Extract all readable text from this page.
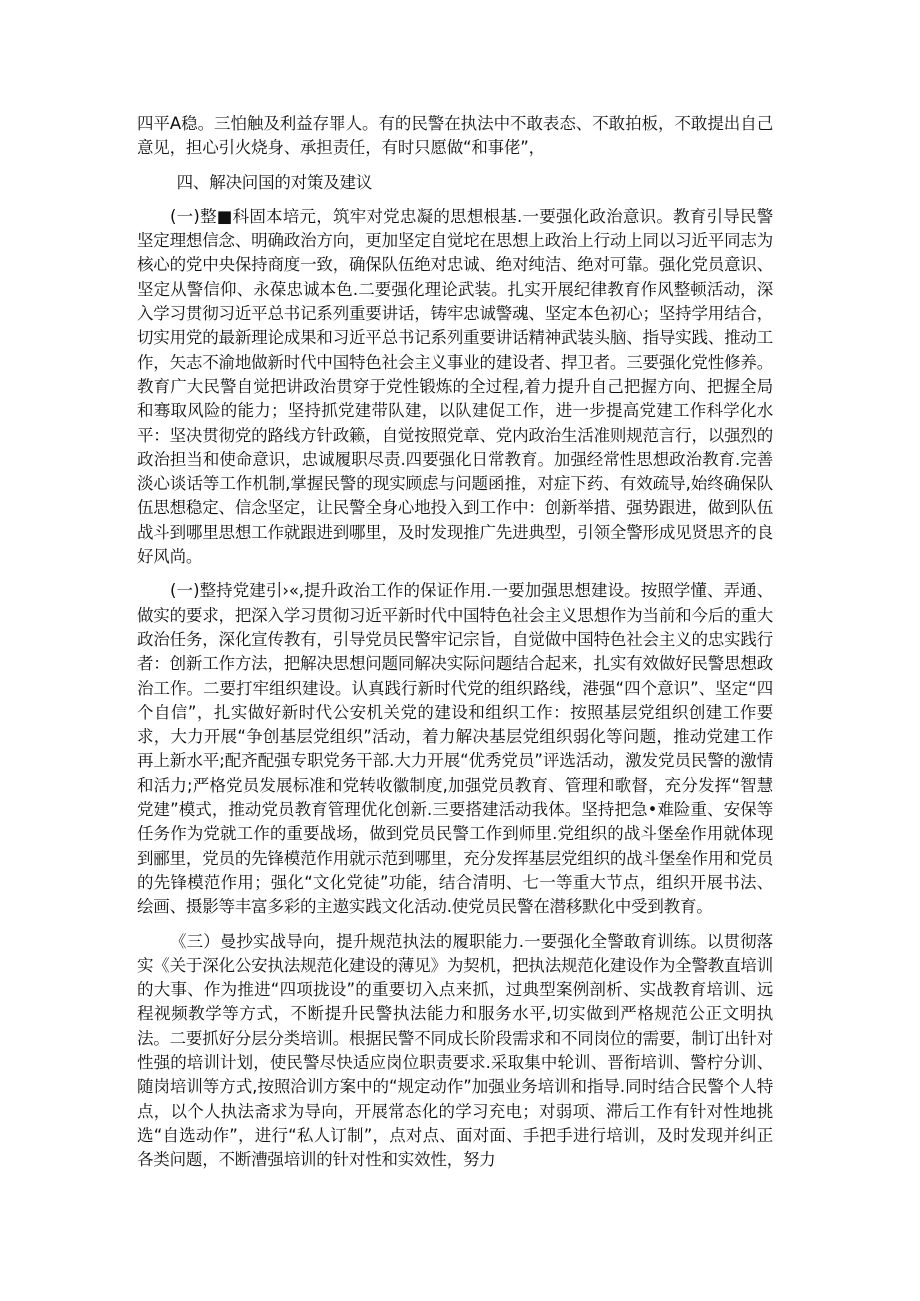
四平A稳。三怕触及利益存罪人。有的民警在执法中不敢表态、不敢拍板，不敢提出自己意见，担心引火烧身、承担责任，有时只愿做“和事佬”，

四、解决问国的对策及建议

(一)整■科固本培元，筑牢对党忠凝的思想根基.一要强化政治意识。教育引导民警坚定理想信念、明确政治方向，更加坚定自觉坨在思想上政治上行动上同以习近平同志为核心的党中央保持商度一致，确保队伍绝对忠诚、绝对纯洁、绝对可靠。强化党员意识、坚定从警信仰、永葆忠诚本色.二要强化理论武装。扎实开展纪律教育作风整顿活动，深入学习贯彻习近平总书记系列重要讲话，铸牢忠诚警魂、坚定本色初心；坚持学用结合，切实用党的最新理论成果和习近平总书记系列重要讲话精神武装头脑、指导实践、推动工作，矢志不渝地做新时代中国特色社会主义事业的建设者、捍卫者。三要强化党性修养。教育广大民警自觉把讲政治贯穿于党性锻炼的全过程,着力提升自己把握方向、把握全局和骞取风险的能力；坚持抓党建带队建，以队建促工作，进一步提高党建工作科学化水平：坚决贯彻党的路线方针政籁，自觉按照党章、党内政治生活准则规范言行，以强烈的政治担当和使命意识，忠诚履职尽责.四要强化日常教育。加强经常性思想政治教育.完善淡心谈话等工作机制,掌握民警的现实顾虑与问题函推，对症下药、有效疏导,始终确保队伍思想稳定、信念坚定，让民警全身心地投入到工作中：创新举措、强势跟进，做到队伍战斗到哪里思想工作就跟进到哪里，及时发现推广先进典型，引领全警形成见贤思齐的良好风尚。

(一)整持党建引›«,提升政治工作的保证作用.一要加强思想建设。按照学懂、弄通、做实的要求，把深入学习贯彻习近平新时代中国特色社会主义思想作为当前和今后的重大政治任务，深化宣传教有，引导党员民警牢记宗旨，自觉做中国特色社会主义的忠实践行者：创新工作方法，把解决思想问题同解决实际问题结合起来，扎实有效做好民警思想政治工作。二要打牢组织建设。认真践行新时代党的组织路线，港强“四个意识”、坚定“四个自信”，扎实做好新时代公安机关党的建设和组织工作：按照基层党组织创建工作要求，大力开展“争创基层党组织”活动，着力解决基层党组织弱化等问题，推动党建工作再上新水平;配齐配强专职党务干部.大力开展“优秀党员”评选活动，激发党员民警的激情和活力;严格党员发展标准和党转收徽制度,加强党员教育、管理和歌督，充分发挥“智慧党建”模式，推动党员教育管理优化创新.三要搭建活动我体。坚持把急•难险重、安保等任务作为党就工作的重要战场，做到党员民警工作到师里.党组织的战斗堡垒作用就体现到郦里，党员的先锋模范作用就示范到哪里，充分发挥基层党组织的战斗堡垒作用和党员的先锋模范作用；强化“文化党徒”功能，结合清明、七一等重大节点，组织开展书法、绘画、摄影等丰富多彩的主遨实践文化活动.使党员民警在潜移默化中受到教育。

《三）曼抄实战导向，提升规范执法的履职能力.一要强化全警敢育训练。以贯彻落实《关于深化公安执法规范化建设的薄见》为契机，把执法规范化建设作为全警教直培训的大事、作为推进“四项拢设”的重要切入点来抓，过典型案例剖析、实战教育培训、远程视频教学等方式，不断提升民警执法能力和服务水平,切实做到严格规范公正文明执法。二要抓好分层分类培训。根据民警不同成长阶段需求和不同岗位的需要，制订出针对性强的培训计划，使民警尽快适应岗位职责要求.采取集中轮训、晋衔培训、警柠分训、随岗培训等方式,按照洽训方案中的“规定动作”加强业务培训和指导.同时结合民警个人特点，以个人执法斋求为导向，开展常态化的学习充电；对弱项、滞后工作有针对性地挑选“自选动作”，进行“私人订制”，点对点、面对面、手把手进行培训，及时发现并纠正各类问题，不断漕强培训的针对性和实效性，努力
